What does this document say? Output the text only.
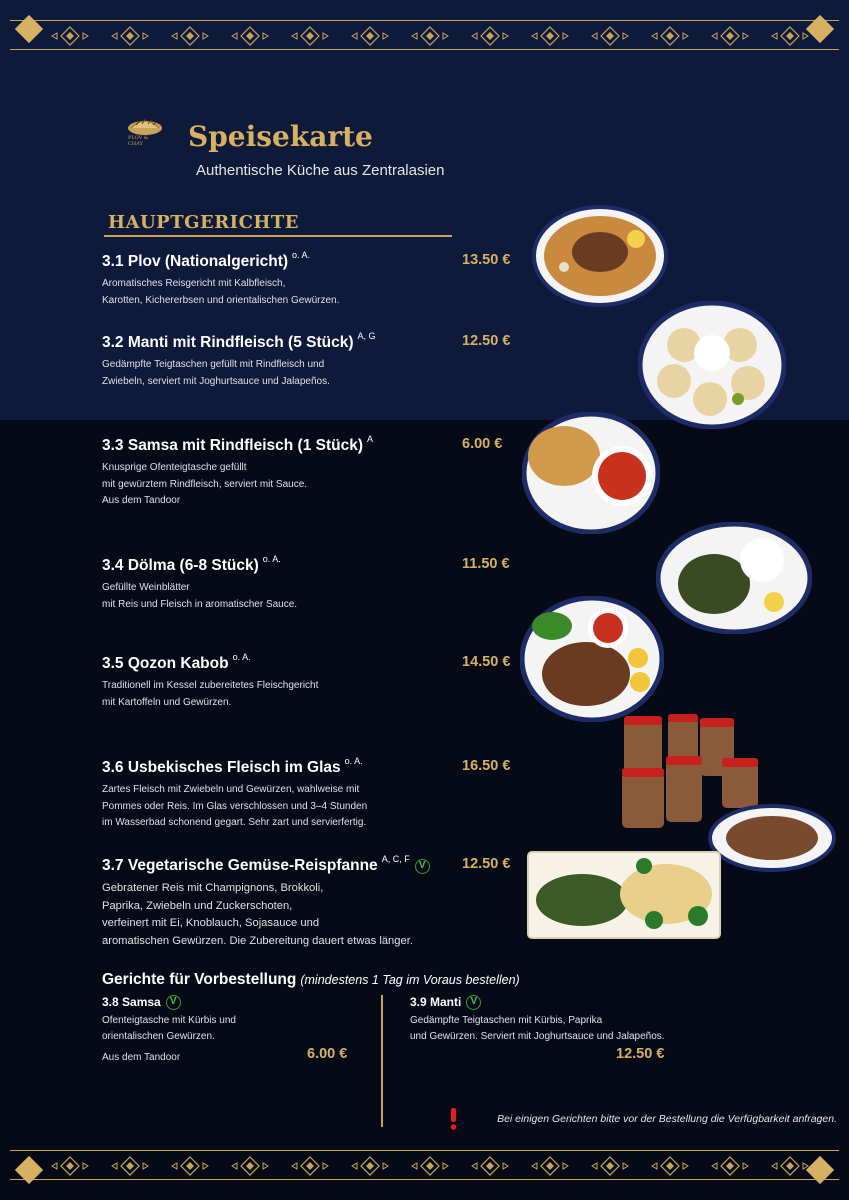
PLOV & CHAY	Speisekarte
Authentische Küche aus Zentralasien
HAUPTGERICHTE
3.1 Plov (Nationalgericht) $^{o. A.}$
Aromatisches Reisgericht mit Kalbfleisch,
Karotten, Kichererbsen und orientalischen Gewürzen.
13.50 €
3.2 Manti mit Rindfleisch (5 Stück) $^{A, G}$
Gedämpfte Teigtaschen gefüllt mit Rindfleisch und
Zwiebeln, serviert mit Joghurtsauce und Jalapeños.
12.50 €
3.3 Samsa mit Rindfleisch (1 Stück) $^A$
Knusprige Ofenteigtasche gefüllt
mit gewürztem Rindfleisch, serviert mit Sauce.
Aus dem Tandoor
6.00 €
3.4 Dölma (6-8 Stück) $^{o. A.}$
Gefüllte Weinblätter
mit Reis und Fleisch in aromatischer Sauce.
11.50 €
3.5 Qozon Kabob $^{o. A.}$
Traditionell im Kessel zubereitetes Fleischgericht
mit Kartoffeln und Gewürzen.
14.50 €
3.6 Usbekisches Fleisch im Glas $^{o. A.}$
Zartes Fleisch mit Zwiebeln und Gewürzen, wahlweise mit
Pommes oder Reis. Im Glas verschlossen und 3–4 Stunden
im Wasserbad schonend gegart. Sehr zart und servierfertig.
16.50 €
3.7 Vegetarische Gemüse-Reispfanne $^{A, C, F}$V
Gebratener Reis mit Champignons, Brokkoli,
Paprika, Zwiebeln und Zuckerschoten,
verfeinert mit Ei, Knoblauch, Sojasauce und
aromatischen Gewürzen. Die Zubereitung dauert etwas länger.
12.50 €
Gerichte für Vorbestellung (mindestens 1 Tag im Voraus bestellen)
3.8 Samsa V
Ofenteigtasche mit Kürbis und
orientalischen Gewürzen.
Aus dem Tandoor	6.00 €
3.9 Manti V
Gedämpfte Teigtaschen mit Kürbis, Paprika
und Gewürzen. Serviert mit Joghurtsauce und Jalapeños.
12.50 €
Bei einigen Gerichten bitte vor der Bestellung die Verfügbarkeit anfragen.
